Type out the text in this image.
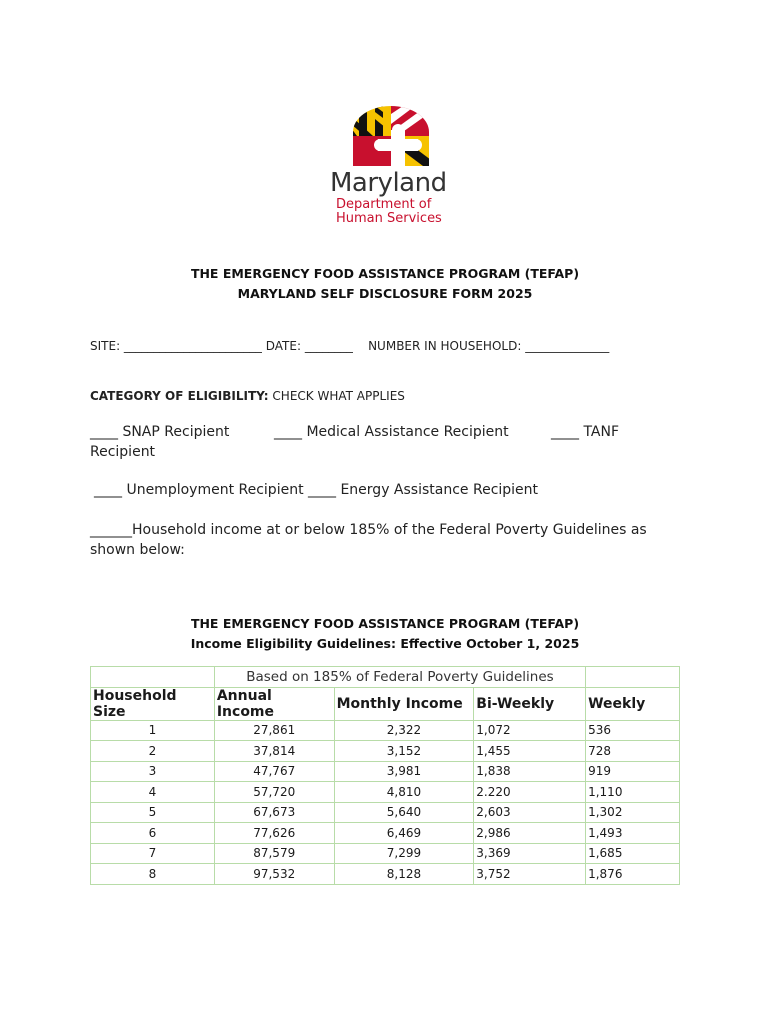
Maryland
Department of
Human Services
THE EMERGENCY FOOD ASSISTANCE PROGRAM (TEFAP)
MARYLAND SELF DISCLOSURE FORM 2025
SITE: _______________________ DATE: ________    NUMBER IN HOUSEHOLD: ______________
CATEGORY OF ELIGIBILITY: CHECK WHAT APPLIES
____ SNAP Recipient	____ Medical Assistance Recipient	____ TANF
Recipient
____ Unemployment Recipient ____ Energy Assistance Recipient
______Household income at or below 185% of the Federal Poverty Guidelines as shown below:
THE EMERGENCY FOOD ASSISTANCE PROGRAM (TEFAP)
Income Eligibility Guidelines: Effective October 1, 2025
	Based on 185% of Federal Poverty Guidelines			
Household Size	Annual Income	Monthly Income	Bi-Weekly	Weekly
1	27,861	2,322	1,072	536
2	37,814	3,152	1,455	728
3	47,767	3,981	1,838	919
4	57,720	4,810	2.220	1,110
5	67,673	5,640	2,603	1,302
6	77,626	6,469	2,986	1,493
7	87,579	7,299	3,369	1,685
8	97,532	8,128	3,752	1,876
